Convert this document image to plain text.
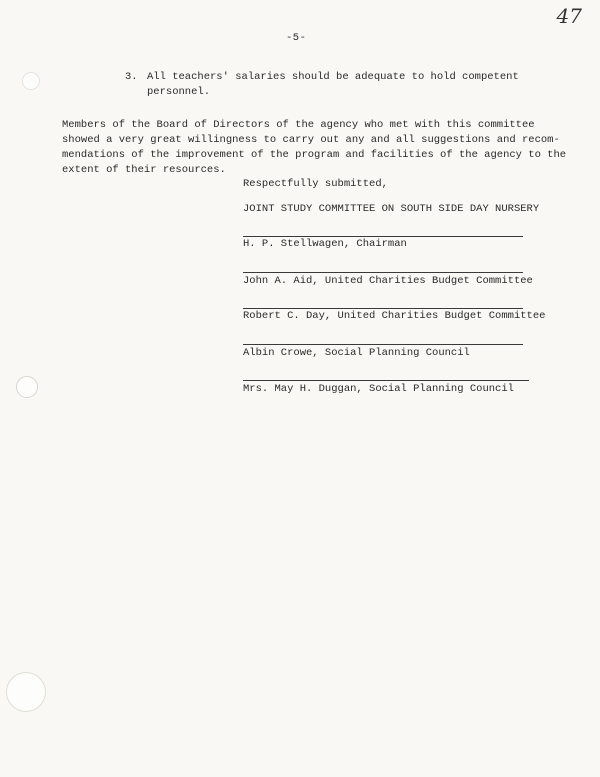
47
-5-
3. All teachers' salaries should be adequate to hold competent
personnel.
Members of the Board of Directors of the agency who met with this committee
showed a very great willingness to carry out any and all suggestions and recom-
mendations of the improvement of the program and facilities of the agency to the
extent of their resources.
Respectfully submitted,
JOINT STUDY COMMITTEE ON SOUTH SIDE DAY NURSERY
H. P. Stellwagen, Chairman
John A. Aid, United Charities Budget Committee
Robert C. Day, United Charities Budget Committee
Albin Crowe, Social Planning Council
Mrs. May H. Duggan, Social Planning Council
